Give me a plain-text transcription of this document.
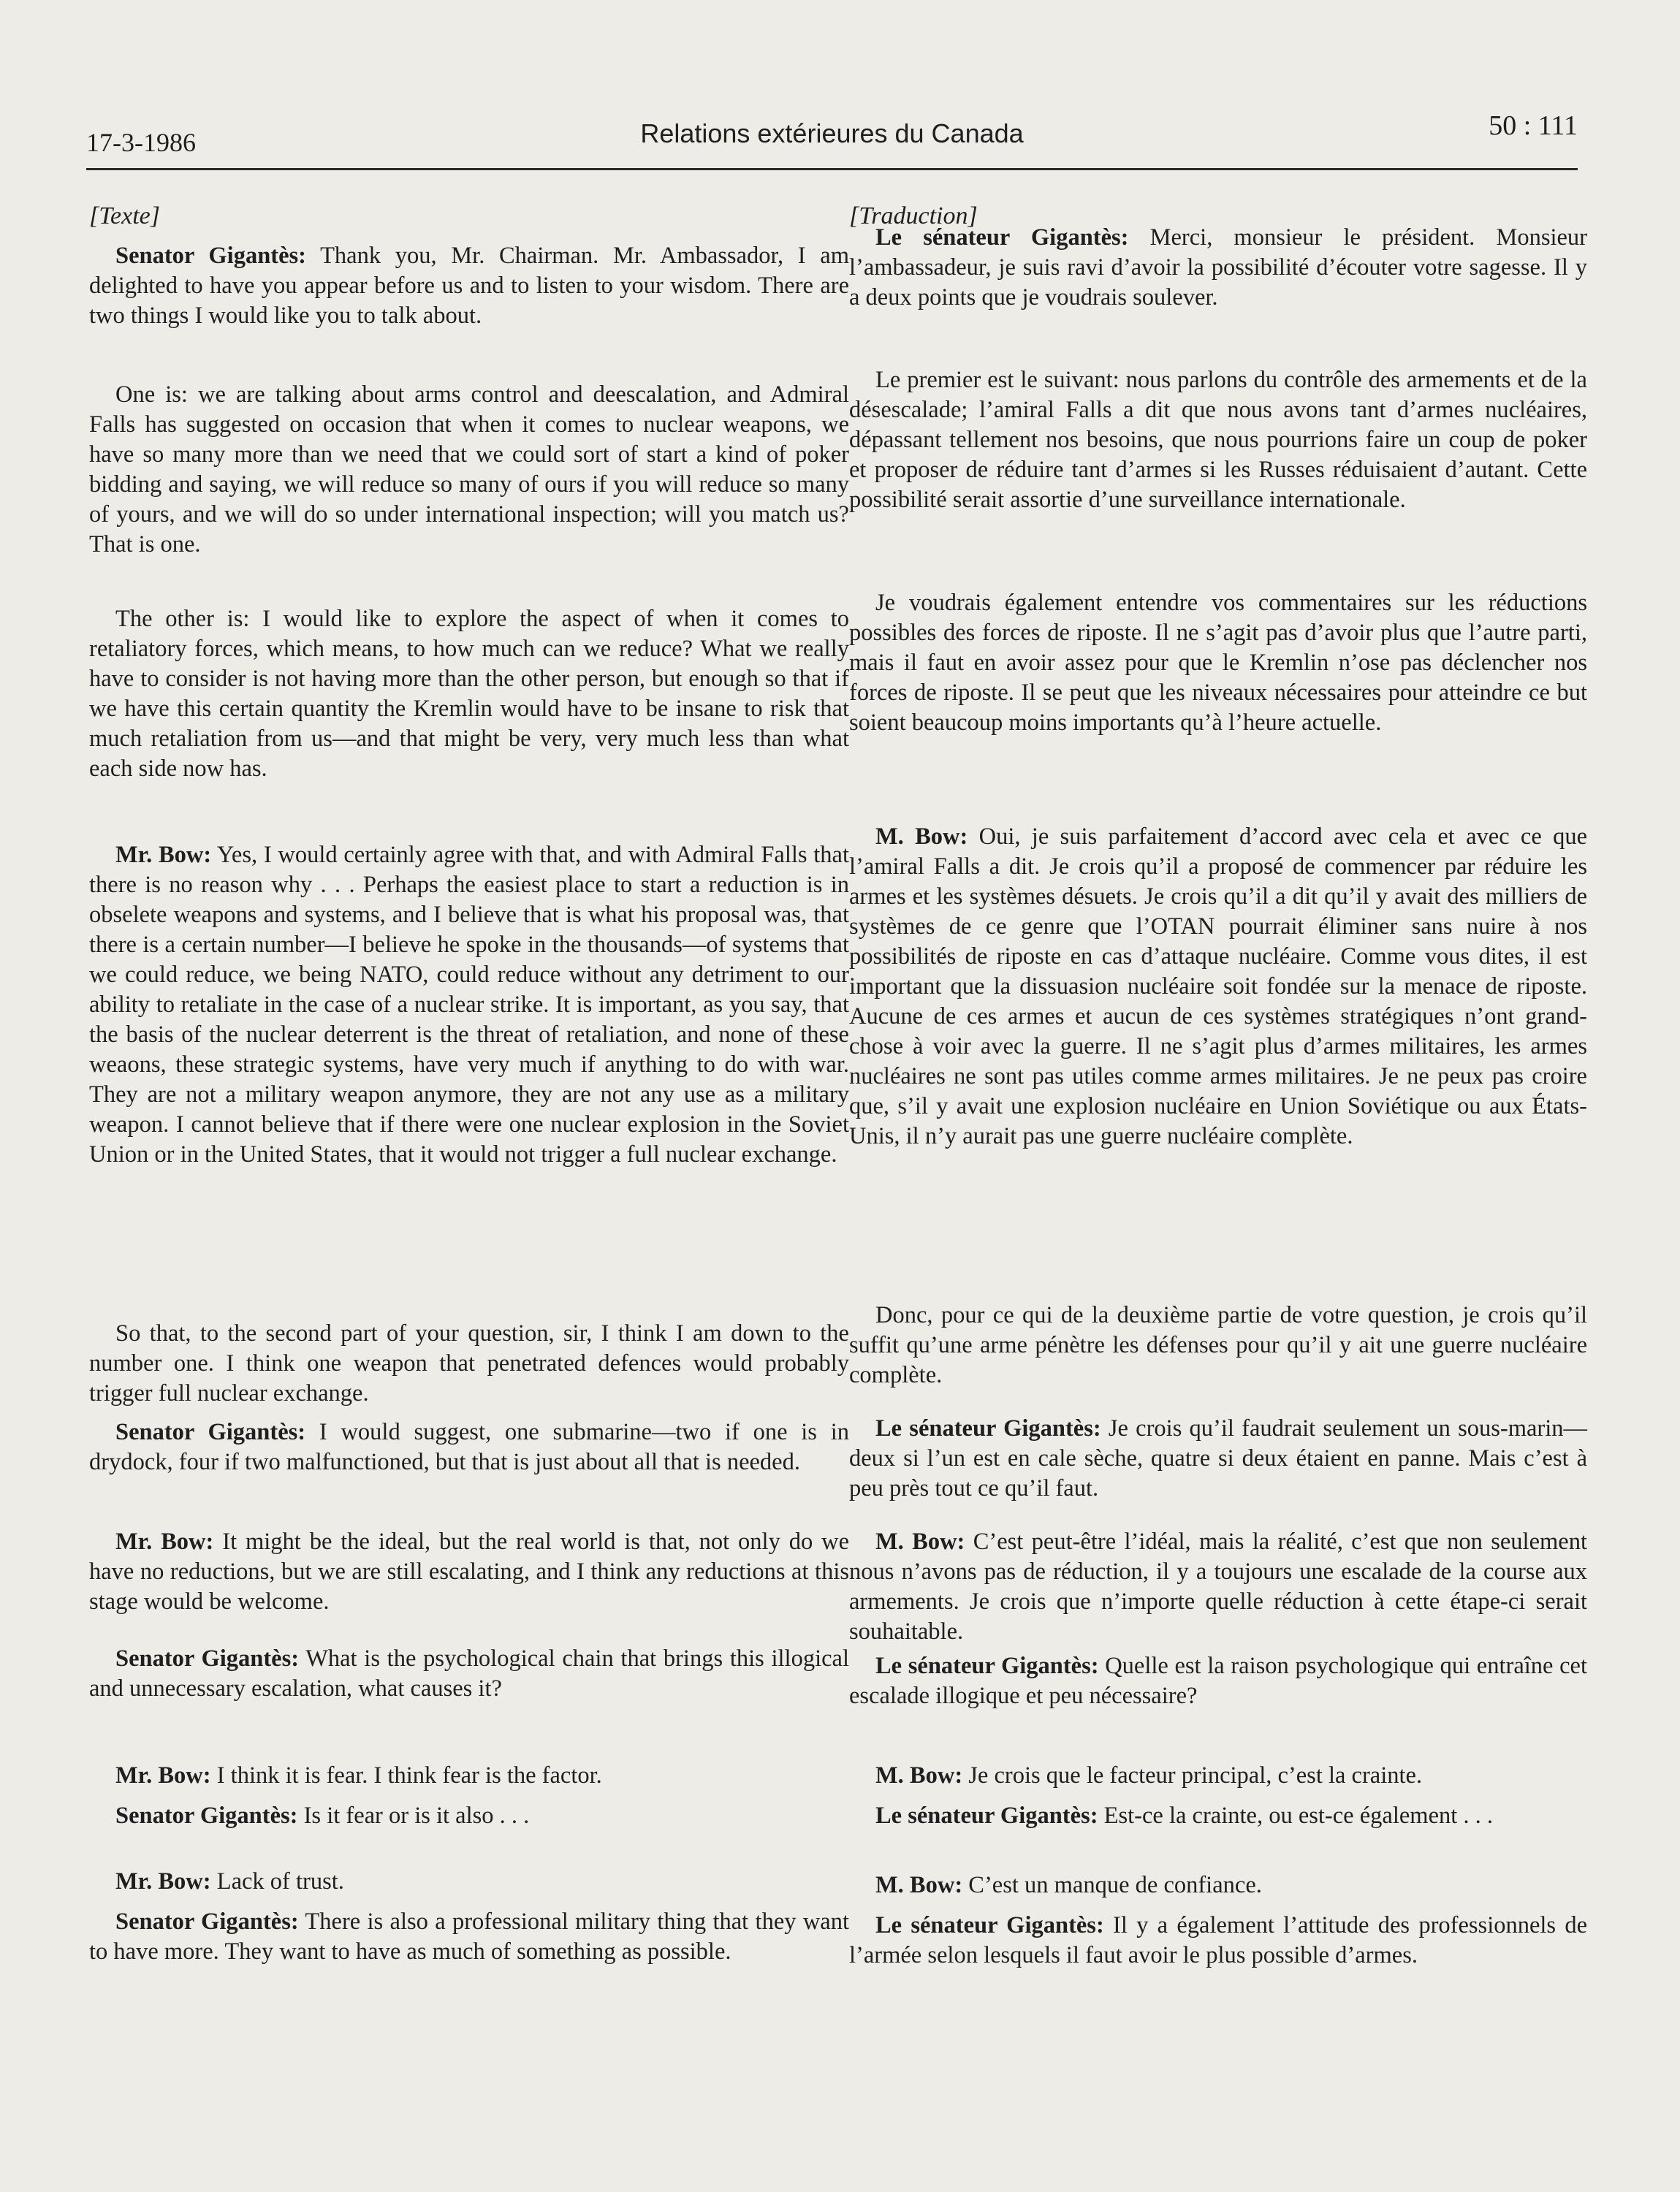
17-3-1986	Relations extérieures du Canada	50 : 111

[Texte]

Senator Gigantès: Thank you, Mr. Chairman. Mr. Ambassador, I am delighted to have you appear before us and to listen to your wisdom. There are two things I would like you to talk about.

One is: we are talking about arms control and deescalation, and Admiral Falls has suggested on occasion that when it comes to nuclear weapons, we have so many more than we need that we could sort of start a kind of poker bidding and saying, we will reduce so many of ours if you will reduce so many of yours, and we will do so under international inspection; will you match us? That is one.

The other is: I would like to explore the aspect of when it comes to retaliatory forces, which means, to how much can we reduce? What we really have to consider is not having more than the other person, but enough so that if we have this certain quantity the Kremlin would have to be insane to risk that much retaliation from us—and that might be very, very much less than what each side now has.

Mr. Bow: Yes, I would certainly agree with that, and with Admiral Falls that there is no reason why . . . Perhaps the easiest place to start a reduction is in obselete weapons and systems, and I believe that is what his proposal was, that there is a certain number—I believe he spoke in the thousands—of systems that we could reduce, we being NATO, could reduce without any detriment to our ability to retaliate in the case of a nuclear strike. It is important, as you say, that the basis of the nuclear deterrent is the threat of retaliation, and none of these weaons, these strategic systems, have very much if anything to do with war. They are not a military weapon anymore, they are not any use as a military weapon. I cannot believe that if there were one nuclear explosion in the Soviet Union or in the United States, that it would not trigger a full nuclear exchange.

So that, to the second part of your question, sir, I think I am down to the number one. I think one weapon that penetrated defences would probably trigger full nuclear exchange.

Senator Gigantès: I would suggest, one submarine—two if one is in drydock, four if two malfunctioned, but that is just about all that is needed.

Mr. Bow: It might be the ideal, but the real world is that, not only do we have no reductions, but we are still escalating, and I think any reductions at this stage would be welcome.

Senator Gigantès: What is the psychological chain that brings this illogical and unnecessary escalation, what causes it?

Mr. Bow: I think it is fear. I think fear is the factor.

Senator Gigantès: Is it fear or is it also . . .

Mr. Bow: Lack of trust.

Senator Gigantès: There is also a professional military thing that they want to have more. They want to have as much of something as possible.

[Traduction]

Le sénateur Gigantès: Merci, monsieur le président. Monsieur l’ambassadeur, je suis ravi d’avoir la possibilité d’écouter votre sagesse. Il y a deux points que je voudrais soulever.

Le premier est le suivant: nous parlons du contrôle des armements et de la désescalade; l’amiral Falls a dit que nous avons tant d’armes nucléaires, dépassant tellement nos besoins, que nous pourrions faire un coup de poker et proposer de réduire tant d’armes si les Russes réduisaient d’autant. Cette possibilité serait assortie d’une surveillance internationale.

Je voudrais également entendre vos commentaires sur les réductions possibles des forces de riposte. Il ne s’agit pas d’avoir plus que l’autre parti, mais il faut en avoir assez pour que le Kremlin n’ose pas déclencher nos forces de riposte. Il se peut que les niveaux nécessaires pour atteindre ce but soient beaucoup moins importants qu’à l’heure actuelle.

M. Bow: Oui, je suis parfaitement d’accord avec cela et avec ce que l’amiral Falls a dit. Je crois qu’il a proposé de commencer par réduire les armes et les systèmes désuets. Je crois qu’il a dit qu’il y avait des milliers de systèmes de ce genre que l’OTAN pourrait éliminer sans nuire à nos possibilités de riposte en cas d’attaque nucléaire. Comme vous dites, il est important que la dissuasion nucléaire soit fondée sur la menace de riposte. Aucune de ces armes et aucun de ces systèmes stratégiques n’ont grand-chose à voir avec la guerre. Il ne s’agit plus d’armes militaires, les armes nucléaires ne sont pas utiles comme armes militaires. Je ne peux pas croire que, s’il y avait une explosion nucléaire en Union Soviétique ou aux États-Unis, il n’y aurait pas une guerre nucléaire complète.

Donc, pour ce qui de la deuxième partie de votre question, je crois qu’il suffit qu’une arme pénètre les défenses pour qu’il y ait une guerre nucléaire complète.

Le sénateur Gigantès: Je crois qu’il faudrait seulement un sous-marin—deux si l’un est en cale sèche, quatre si deux étaient en panne. Mais c’est à peu près tout ce qu’il faut.

M. Bow: C’est peut-être l’idéal, mais la réalité, c’est que non seulement nous n’avons pas de réduction, il y a toujours une escalade de la course aux armements. Je crois que n’importe quelle réduction à cette étape-ci serait souhaitable.

Le sénateur Gigantès: Quelle est la raison psychologique qui entraîne cet escalade illogique et peu nécessaire?

M. Bow: Je crois que le facteur principal, c’est la crainte.

Le sénateur Gigantès: Est-ce la crainte, ou est-ce également . . .

M. Bow: C’est un manque de confiance.

Le sénateur Gigantès: Il y a également l’attitude des professionnels de l’armée selon lesquels il faut avoir le plus possible d’armes.
